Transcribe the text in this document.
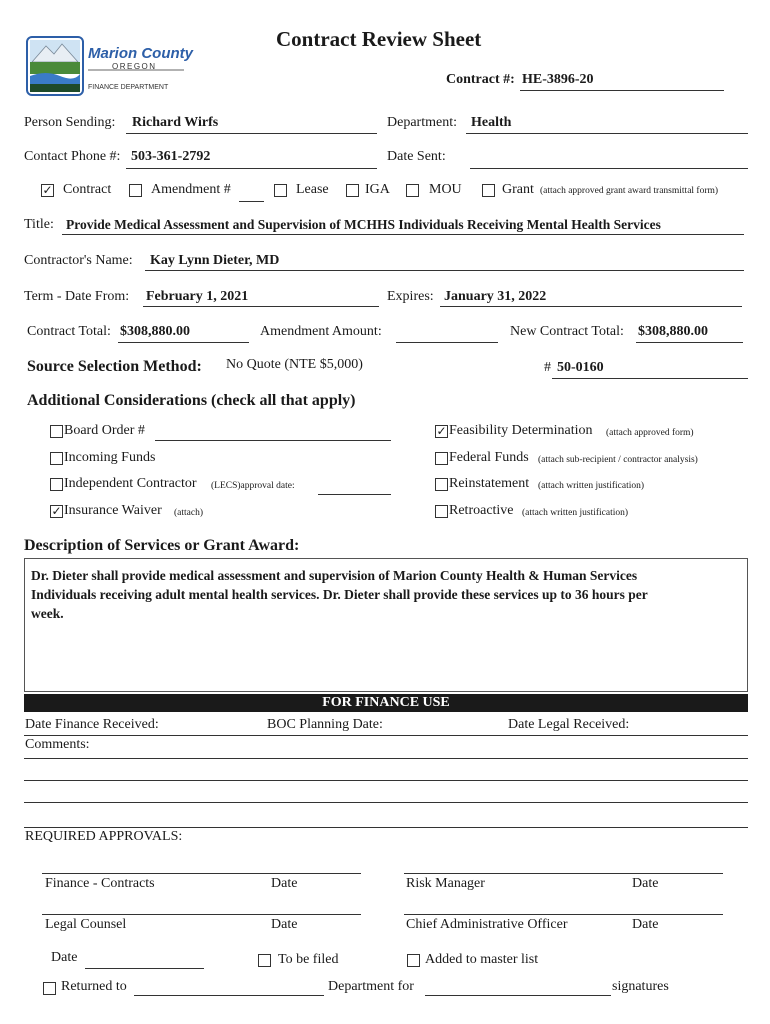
Marion County
OREGON
FINANCE DEPARTMENT
Contract Review Sheet
Contract #: HE-3896-20
Person Sending: Richard Wirfs	Department: Health
Contact Phone #: 503-361-2792	Date Sent:
✓ Contract	Amendment #	Lease	IGA	MOU	Grant (attach approved grant award transmittal form)
Title: Provide Medical Assessment and Supervision of MCHHS Individuals Receiving Mental Health Services
Contractor's Name: Kay Lynn Dieter, MD
Term - Date From: February 1, 2021	Expires: January 31, 2022
Contract Total: $308,880.00	Amendment Amount:	New Contract Total: $308,880.00
Source Selection Method: No Quote (NTE $5,000)	# 50-0160
Additional Considerations (check all that apply)
Board Order #
Incoming Funds
Independent Contractor (LECS)approval date:
✓ Insurance Waiver (attach)
✓ Feasibility Determination (attach approved form)
Federal Funds (attach sub-recipient / contractor analysis)
Reinstatement (attach written justification)
Retroactive (attach written justification)
Description of Services or Grant Award:
Dr. Dieter shall provide medical assessment and supervision of Marion County Health & Human Services
Individuals receiving adult mental health services. Dr. Dieter shall provide these services up to 36 hours per
week.
FOR FINANCE USE
Date Finance Received:	BOC Planning Date:	Date Legal Received:
Comments:
REQUIRED APPROVALS:
Finance - Contracts	Date	Risk Manager	Date
Legal Counsel	Date	Chief Administrative Officer	Date
Date	To be filed	Added to master list
Returned to	Department for	signatures
